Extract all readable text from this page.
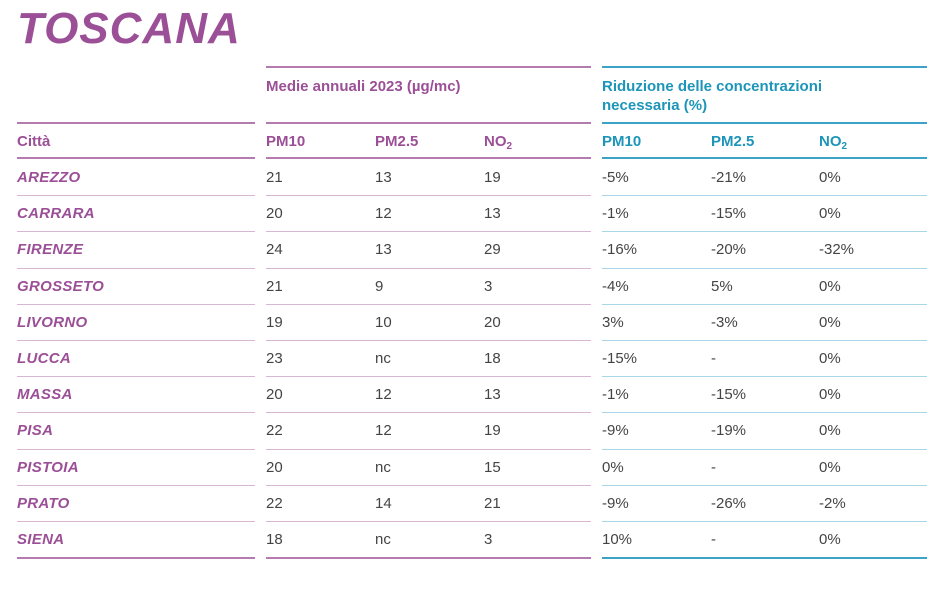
TOSCANA
Medie annuali 2023 (µg/mc)	Riduzione delle concentrazioni necessaria (%)
Città	PM10	PM2.5	$NO_2$	PM10	PM2.5	$NO_2$
AREZZO	21	13	19	-5%	-21%	0%
CARRARA	20	12	13	-1%	-15%	0%
FIRENZE	24	13	29	-16%	-20%	-32%
GROSSETO	21	9	3	-4%	5%	0%
LIVORNO	19	10	20	3%	-3%	0%
LUCCA	23	nc	18	-15%	-	0%
MASSA	20	12	13	-1%	-15%	0%
PISA	22	12	19	-9%	-19%	0%
PISTOIA	20	nc	15	0%	-	0%
PRATO	22	14	21	-9%	-26%	-2%
SIENA	18	nc	3	10%	-	0%
